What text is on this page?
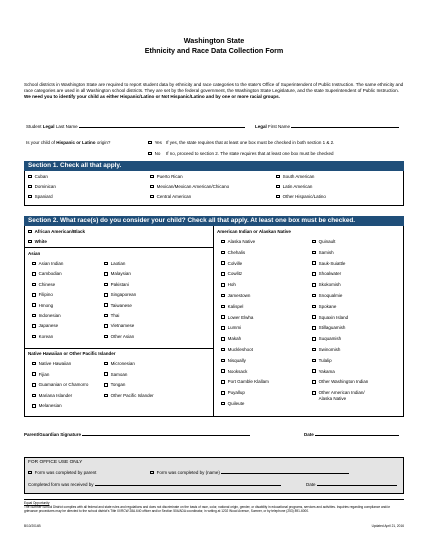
Washington State
Ethnicity and Race Data Collection Form
School districts in Washington State are required to report student data by ethnicity and race categories to the state's Office of Superintendent of Public Instruction. The same ethnicity and race categories are used in all Washington school districts. They are set by the federal government, the Washington State Legislature, and the state Superintendent of Public Instruction. We need you to identify your child as either Hispanic/Latino or Not Hispanic/Latino and by one or more racial groups.
Student Legal Last Name	Legal First Name
Is your child of Hispanic or Latino origin?	Yes If yes, the state requires that at least one box must be checked in both section 1 & 2.
No If no, proceed to section 2. The state requires that at least one box must be checked
Section 1. Check all that apply.
Cuban
Dominican
Spaniard
Puerto Rican
Mexican/Mexican American/Chicano
Central American
South American
Latin American
Other Hispanic/Latino
Section 2. What race(s) do you consider your child? Check all that apply. At least one box must be checked.
African American/Black
White
Asian
Native Hawaiian or Other Pacific Islander
American Indian or Alaskan Native
Asian Indian
Cambodian
Chinese
Filipino
Hmong
Indonesian
Japanese
Korean
Laotian
Malaysian
Pakistani
Singaporean
Taiwanese
Thai
Vietnamese
Other Asian
Native Hawaiian
Fijian
Guamanian or Chamorro
Mariana Islander
Melanesian
Micronesian
Samoan
Tongan
Other Pacific Islander
Alaska Native
Chehalis
Colville
Cowlitz
Hoh
Jamestown
Kalispel
Lower Elwha
Lummi
Makah
Muckleshoot
Nisqually
Nooksack
Port Gamble Klallam
Puyallup
Quileute
Quinault
Samish
Sauk-Suiattle
Shoalwater
Skokomish
Snoqualmie
Spokane
Squaxin Island
Stillaguamish
Suquamish
Swinomish
Tulalip
Yakama
Other Washington Indian
Other American Indian/
Alaska Native
Parent/Guardian Signature	Date
FOR OFFICE USE ONLY
Form was completed by parent	Form was completed by (name)
Completed form was received by	Date
Equal Opportunity
The Sumner School District complies with all federal and state rules and regulations and does not discriminate on the basis of race, color, national origin, gender, or disability in educational programs, services and activities. Inquiries regarding compliance and/or grievance procedures may be directed to the school district's Title IX/RCW 28A.640 officer and/or Section 504/ADA coordinator, in writing at 1202 Wood Avenue, Sumner, or by telephone (253) 891-6000.
B/10/2014B	Updated April 21, 2016
